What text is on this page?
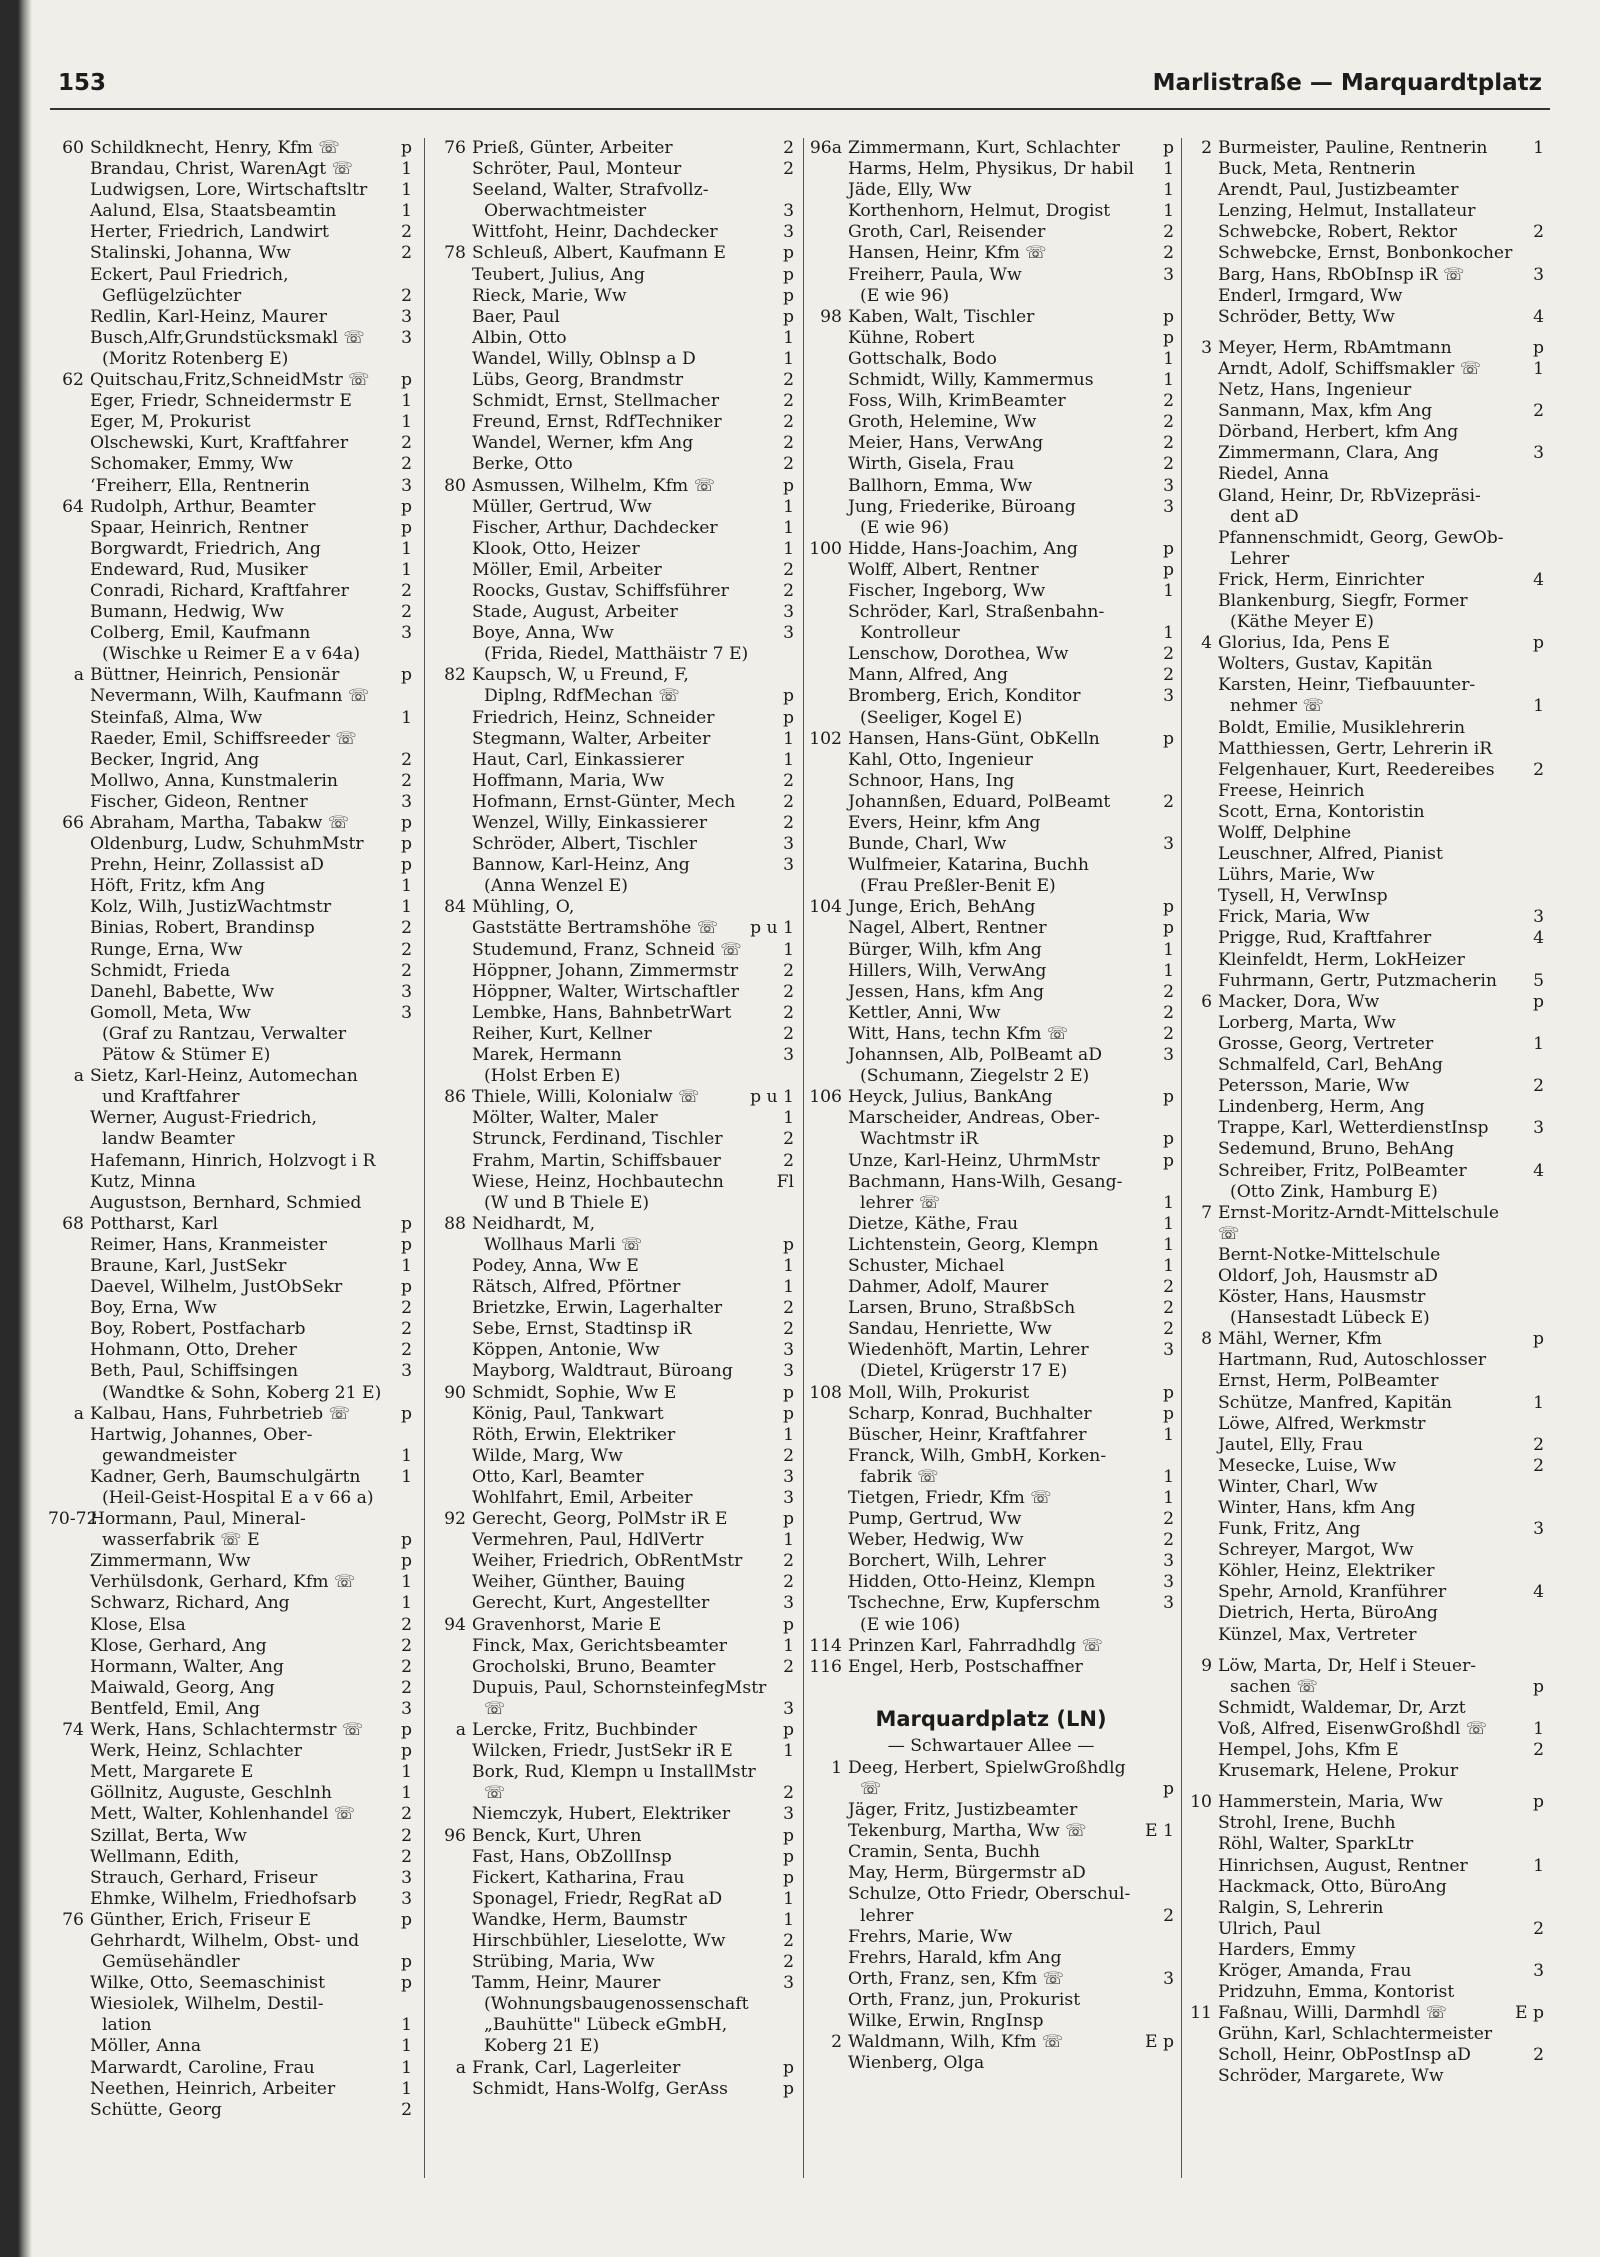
153	Marlistraße — Marquardtplatz
60 Schildknecht, Henry, Kfm ☏	p
Brandau, Christ, WarenAgt ☏	1
Ludwigsen, Lore, Wirtschaftsltr 1
Aalund, Elsa, Staatsbeamtin	1
Herter, Friedrich, Landwirt	2
Stalinski, Johanna, Ww	2
Eckert, Paul Friedrich,
Geflügelzüchter	2
Redlin, Karl-Heinz, Maurer	3
Busch,Alfr,Grundstücksmakl ☏ 3
(Moritz Rotenberg E)
62 Quitschau,Fritz,SchneidMstr ☏ p
Eger, Friedr, Schneidermstr E	1
Eger, M, Prokurist	1
Olschewski, Kurt, Kraftfahrer	2
Schomaker, Emmy, Ww	2
ʻFreiherr, Ella, Rentnerin	3
64 Rudolph, Arthur, Beamter	p
Spaar, Heinrich, Rentner	p
Borgwardt, Friedrich, Ang	1
Endeward, Rud, Musiker	1
Conradi, Richard, Kraftfahrer	2
Bumann, Hedwig, Ww	2
Colberg, Emil, Kaufmann	3
(Wischke u Reimer E a v 64a)
a Büttner, Heinrich, Pensionär	p
Nevermann, Wilh, Kaufmann ☏
Steinfaß, Alma, Ww	1
Raeder, Emil, Schiffsreeder ☏
Becker, Ingrid, Ang	2
Mollwo, Anna, Kunstmalerin	2
Fischer, Gideon, Rentner	3
66 Abraham, Martha, Tabakw ☏	p
Oldenburg, Ludw, SchuhmMstr p
Prehn, Heinr, Zollassist aD	p
Höft, Fritz, kfm Ang	1
Kolz, Wilh, JustizWachtmstr	1
Binias, Robert, Brandinsp	2
Runge, Erna, Ww	2
Schmidt, Frieda	2
Danehl, Babette, Ww	3
Gomoll, Meta, Ww	3
(Graf zu Rantzau, Verwalter
Pätow & Stümer E)
a Sietz, Karl-Heinz, Automechan
und Kraftfahrer
Werner, August-Friedrich,
landw Beamter
Hafemann, Hinrich, Holzvogt i R
Kutz, Minna
Augustson, Bernhard, Schmied
68 Pottharst, Karl	p
Reimer, Hans, Kranmeister	p
Braune, Karl, JustSekr	1
Daevel, Wilhelm, JustObSekr	p
Boy, Erna, Ww	2
Boy, Robert, Postfacharb	2
Hohmann, Otto, Dreher	2
Beth, Paul, Schiffsingen	3
(Wandtke & Sohn, Koberg 21 E)
a Kalbau, Hans, Fuhrbetrieb ☏	p
Hartwig, Johannes, Ober-
gewandmeister	1
Kadner, Gerh, Baumschulgärtn 1
(Heil-Geist-Hospital E a v 66 a)
70-72
Hormann, Paul, Mineral-
wasserfabrik ☏ E	p
Zimmermann, Ww	p
Verhülsdonk, Gerhard, Kfm ☏	1
Schwarz, Richard, Ang	1
Klose, Elsa	2
Klose, Gerhard, Ang	2
Hormann, Walter, Ang	2
Maiwald, Georg, Ang	2
Bentfeld, Emil, Ang	3
74 Werk, Hans, Schlachtermstr ☏ p
Werk, Heinz, Schlachter	p
Mett, Margarete E	1
Göllnitz, Auguste, Geschlnh	1
Mett, Walter, Kohlenhandel ☏	2
Szillat, Berta, Ww	2
Wellmann, Edith,	2
Strauch, Gerhard, Friseur	3
Ehmke, Wilhelm, Friedhofsarb	3
76 Günther, Erich, Friseur E	p
Gehrhardt, Wilhelm, Obst- und
Gemüsehändler	p
Wilke, Otto, Seemaschinist	p
Wiesiolek, Wilhelm, Destil-
lation	1
Möller, Anna	1
Marwardt, Caroline, Frau	1
Neethen, Heinrich, Arbeiter	1
Schütte, Georg	2
76 Prieß, Günter, Arbeiter	2
Schröter, Paul, Monteur	2
Seeland, Walter, Strafvollz-
Oberwachtmeister	3
Wittfoht, Heinr, Dachdecker	3
78 Schleuß, Albert, Kaufmann E	p
Teubert, Julius, Ang	p
Rieck, Marie, Ww	p
Baer, Paul	p
Albin, Otto	1
Wandel, Willy, Oblnsp a D	1
Lübs, Georg, Brandmstr	2
Schmidt, Ernst, Stellmacher	2
Freund, Ernst, RdfTechniker	2
Wandel, Werner, kfm Ang	2
Berke, Otto	2
80 Asmussen, Wilhelm, Kfm ☏	p
Müller, Gertrud, Ww	1
Fischer, Arthur, Dachdecker	1
Klook, Otto, Heizer	1
Möller, Emil, Arbeiter	2
Roocks, Gustav, Schiffsführer	2
Stade, August, Arbeiter	3
Boye, Anna, Ww	3
(Frida, Riedel, Matthäistr 7 E)
82 Kaupsch, W, u Freund, F,
Diplng, RdfMechan ☏	p
Friedrich, Heinz, Schneider	p
Stegmann, Walter, Arbeiter	1
Haut, Carl, Einkassierer	1
Hoffmann, Maria, Ww	2
Hofmann, Ernst-Günter, Mech	2
Wenzel, Willy, Einkassierer	2
Schröder, Albert, Tischler	3
Bannow, Karl-Heinz, Ang	3
(Anna Wenzel E)
84 Mühling, O,
Gaststätte Bertramshöhe ☏ p u 1
Studemund, Franz, Schneid ☏ 1
Höppner, Johann, Zimmermstr	2
Höppner, Walter, Wirtschaftler	2
Lembke, Hans, BahnbetrWart	2
Reiher, Kurt, Kellner	2
Marek, Hermann	3
(Holst Erben E)
86 Thiele, Willi, Kolonialw ☏	p u 1
Mölter, Walter, Maler	1
Strunck, Ferdinand, Tischler	2
Frahm, Martin, Schiffsbauer	2
Wiese, Heinz, Hochbautechn	Fl
(W und B Thiele E)
88 Neidhardt, M,
Wollhaus Marli ☏	p
Podey, Anna, Ww E	1
Rätsch, Alfred, Pförtner	1
Brietzke, Erwin, Lagerhalter	2
Sebe, Ernst, Stadtinsp iR	2
Köppen, Antonie, Ww	3
Mayborg, Waldtraut, Büroang	3
90 Schmidt, Sophie, Ww E	p
König, Paul, Tankwart	p
Röth, Erwin, Elektriker	1
Wilde, Marg, Ww	2
Otto, Karl, Beamter	3
Wohlfahrt, Emil, Arbeiter	3
92 Gerecht, Georg, PolMstr iR E	p
Vermehren, Paul, HdlVertr	1
Weiher, Friedrich, ObRentMstr 2
Weiher, Günther, Bauing	2
Gerecht, Kurt, Angestellter	3
94 Gravenhorst, Marie E	p
Finck, Max, Gerichtsbeamter	1
Grocholski, Bruno, Beamter	2
Dupuis, Paul, SchornsteinfegMstr
☏	3
a Lercke, Fritz, Buchbinder	p
Wilcken, Friedr, JustSekr iR E	1
Bork, Rud, Klempn u InstallMstr
☏	2
Niemczyk, Hubert, Elektriker	3
96 Benck, Kurt, Uhren	p
Fast, Hans, ObZollInsp	p
Fickert, Katharina, Frau	p
Sponagel, Friedr, RegRat aD	1
Wandke, Herm, Baumstr	1
Hirschbühler, Lieselotte, Ww	2
Strübing, Maria, Ww	2
Tamm, Heinr, Maurer	3
(Wohnungsbaugenossenschaft
„Bauhütte" Lübeck eGmbH,
Koberg 21 E)
a Frank, Carl, Lagerleiter	p
Schmidt, Hans-Wolfg, GerAss	p
96a Zimmermann, Kurt, Schlachter	p
Harms, Helm, Physikus, Dr habil 1
Jäde, Elly, Ww	1
Korthenhorn, Helmut, Drogist	1
Groth, Carl, Reisender	2
Hansen, Heinr, Kfm ☏	2
Freiherr, Paula, Ww	3
(E wie 96)
98 Kaben, Walt, Tischler	p
Kühne, Robert	p
Gottschalk, Bodo	1
Schmidt, Willy, Kammermus	1
Foss, Wilh, KrimBeamter	2
Groth, Helemine, Ww	2
Meier, Hans, VerwAng	2
Wirth, Gisela, Frau	2
Ballhorn, Emma, Ww	3
Jung, Friederike, Büroang	3
(E wie 96)
100 Hidde, Hans-Joachim, Ang	p
Wolff, Albert, Rentner	p
Fischer, Ingeborg, Ww	1
Schröder, Karl, Straßenbahn-
Kontrolleur	1
Lenschow, Dorothea, Ww	2
Mann, Alfred, Ang	2
Bromberg, Erich, Konditor	3
(Seeliger, Kogel E)
102 Hansen, Hans-Günt, ObKelln	p
Kahl, Otto, Ingenieur
Schnoor, Hans, Ing
Johannßen, Eduard, PolBeamt	2
Evers, Heinr, kfm Ang
Bunde, Charl, Ww	3
Wulfmeier, Katarina, Buchh
(Frau Preßler-Benit E)
104 Junge, Erich, BehAng	p
Nagel, Albert, Rentner	p
Bürger, Wilh, kfm Ang	1
Hillers, Wilh, VerwAng	1
Jessen, Hans, kfm Ang	2
Kettler, Anni, Ww	2
Witt, Hans, techn Kfm ☏	2
Johannsen, Alb, PolBeamt aD	3
(Schumann, Ziegelstr 2 E)
106 Heyck, Julius, BankAng	p
Marscheider, Andreas, Ober-
Wachtmstr iR	p
Unze, Karl-Heinz, UhrmMstr	p
Bachmann, Hans-Wilh, Gesang-
lehrer ☏	1
Dietze, Käthe, Frau	1
Lichtenstein, Georg, Klempn	1
Schuster, Michael	1
Dahmer, Adolf, Maurer	2
Larsen, Bruno, StraßbSch	2
Sandau, Henriette, Ww	2
Wiedenhöft, Martin, Lehrer	3
(Dietel, Krügerstr 17 E)
108 Moll, Wilh, Prokurist	p
Scharp, Konrad, Buchhalter	p
Büscher, Heinr, Kraftfahrer	1
Franck, Wilh, GmbH, Korken-
fabrik ☏	1
Tietgen, Friedr, Kfm ☏	1
Pump, Gertrud, Ww	2
Weber, Hedwig, Ww	2
Borchert, Wilh, Lehrer	3
Hidden, Otto-Heinz, Klempn	3
Tschechne, Erw, Kupferschm	3
(E wie 106)
114 Prinzen Karl, Fahrradhdlg ☏
116 Engel, Herb, Postschaffner
Marquardplatz (LN)
— Schwartauer Allee —
1 Deeg, Herbert, SpielwGroßhdlg
☏	p
Jäger, Fritz, Justizbeamter
Tekenburg, Martha, Ww ☏	E 1
Cramin, Senta, Buchh
May, Herm, Bürgermstr aD
Schulze, Otto Friedr, Oberschul-
lehrer	2
Frehrs, Marie, Ww
Frehrs, Harald, kfm Ang
Orth, Franz, sen, Kfm ☏	3
Orth, Franz, jun, Prokurist
Wilke, Erwin, RngInsp
2 Waldmann, Wilh, Kfm ☏	E p
Wienberg, Olga
2 Burmeister, Pauline, Rentnerin	1
Buck, Meta, Rentnerin
Arendt, Paul, Justizbeamter
Lenzing, Helmut, Installateur
Schwebcke, Robert, Rektor	2
Schwebcke, Ernst, Bonbonkocher
Barg, Hans, RbObInsp iR ☏	3
Enderl, Irmgard, Ww
Schröder, Betty, Ww	4
3 Meyer, Herm, RbAmtmann	p
Arndt, Adolf, Schiffsmakler ☏	1
Netz, Hans, Ingenieur
Sanmann, Max, kfm Ang	2
Dörband, Herbert, kfm Ang
Zimmermann, Clara, Ang	3
Riedel, Anna
Gland, Heinr, Dr, RbVizepräsi-
dent aD
Pfannenschmidt, Georg, GewOb-
Lehrer
Frick, Herm, Einrichter	4
Blankenburg, Siegfr, Former
(Käthe Meyer E)
4 Glorius, Ida, Pens E	p
Wolters, Gustav, Kapitän
Karsten, Heinr, Tiefbauunter-
nehmer ☏	1
Boldt, Emilie, Musiklehrerin
Matthiessen, Gertr, Lehrerin iR
Felgenhauer, Kurt, Reedereibes 2
Freese, Heinrich
Scott, Erna, Kontoristin
Wolff, Delphine
Leuschner, Alfred, Pianist
Lührs, Marie, Ww
Tysell, H, VerwInsp
Frick, Maria, Ww	3
Prigge, Rud, Kraftfahrer	4
Kleinfeldt, Herm, LokHeizer
Fuhrmann, Gertr, Putzmacherin 5
6 Macker, Dora, Ww	p
Lorberg, Marta, Ww
Grosse, Georg, Vertreter	1
Schmalfeld, Carl, BehAng
Petersson, Marie, Ww	2
Lindenberg, Herm, Ang
Trappe, Karl, WetterdienstInsp	3
Sedemund, Bruno, BehAng
Schreiber, Fritz, PolBeamter	4
(Otto Zink, Hamburg E)
7 Ernst-Moritz-Arndt-Mittelschule
☏
Bernt-Notke-Mittelschule
Oldorf, Joh, Hausmstr aD
Köster, Hans, Hausmstr
(Hansestadt Lübeck E)
8 Mähl, Werner, Kfm	p
Hartmann, Rud, Autoschlosser
Ernst, Herm, PolBeamter
Schütze, Manfred, Kapitän	1
Löwe, Alfred, Werkmstr
Jautel, Elly, Frau	2
Mesecke, Luise, Ww	2
Winter, Charl, Ww
Winter, Hans, kfm Ang
Funk, Fritz, Ang	3
Schreyer, Margot, Ww
Köhler, Heinz, Elektriker
Spehr, Arnold, Kranführer	4
Dietrich, Herta, BüroAng
Künzel, Max, Vertreter
9 Löw, Marta, Dr, Helf i Steuer-
sachen ☏	p
Schmidt, Waldemar, Dr, Arzt
Voß, Alfred, EisenwGroßhdl ☏	1
Hempel, Johs, Kfm E	2
Krusemark, Helene, Prokur
10 Hammerstein, Maria, Ww	p
Strohl, Irene, Buchh
Röhl, Walter, SparkLtr
Hinrichsen, August, Rentner	1
Hackmack, Otto, BüroAng
Ralgin, S, Lehrerin
Ulrich, Paul	2
Harders, Emmy
Kröger, Amanda, Frau	3
Pridzuhn, Emma, Kontorist
11 Faßnau, Willi, Darmhdl ☏	E p
Grühn, Karl, Schlachtermeister
Scholl, Heinr, ObPostInsp aD	2
Schröder, Margarete, Ww
